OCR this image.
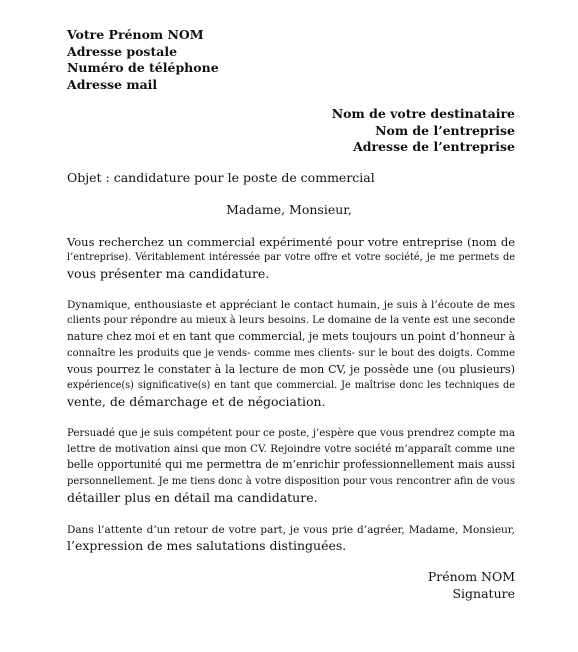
Votre Prénom NOM
Adresse postale
Numéro de téléphone
Adresse mail
Nom de votre destinataire
Nom de l’entreprise
Adresse de l’entreprise
Objet : candidature pour le poste de commercial
Madame, Monsieur,
Vous recherchez un commercial expérimenté pour votre entreprise (nom de
l’entreprise). Véritablement intéressée par votre offre et votre société, je me permets de
vous présenter ma candidature.
Dynamique, enthousiaste et appréciant le contact humain, je suis à l’écoute de mes
clients pour répondre au mieux à leurs besoins. Le domaine de la vente est une seconde
nature chez moi et en tant que commercial, je mets toujours un point d’honneur à
connaître les produits que je vends- comme mes clients- sur le bout des doigts. Comme
vous pourrez le constater à la lecture de mon CV, je possède une (ou plusieurs)
expérience(s) significative(s) en tant que commercial. Je maîtrise donc les techniques de
vente, de démarchage et de négociation.
Persuadé que je suis compétent pour ce poste, j’espère que vous prendrez compte ma
lettre de motivation ainsi que mon CV. Rejoindre votre société m’apparaît comme une
belle opportunité qui me permettra de m’enrichir professionnellement mais aussi
personnellement. Je me tiens donc à votre disposition pour vous rencontrer afin de vous
détailler plus en détail ma candidature.
Dans l’attente d’un retour de votre part, je vous prie d’agréer, Madame, Monsieur,
l’expression de mes salutations distinguées.
Prénom NOM
Signature
